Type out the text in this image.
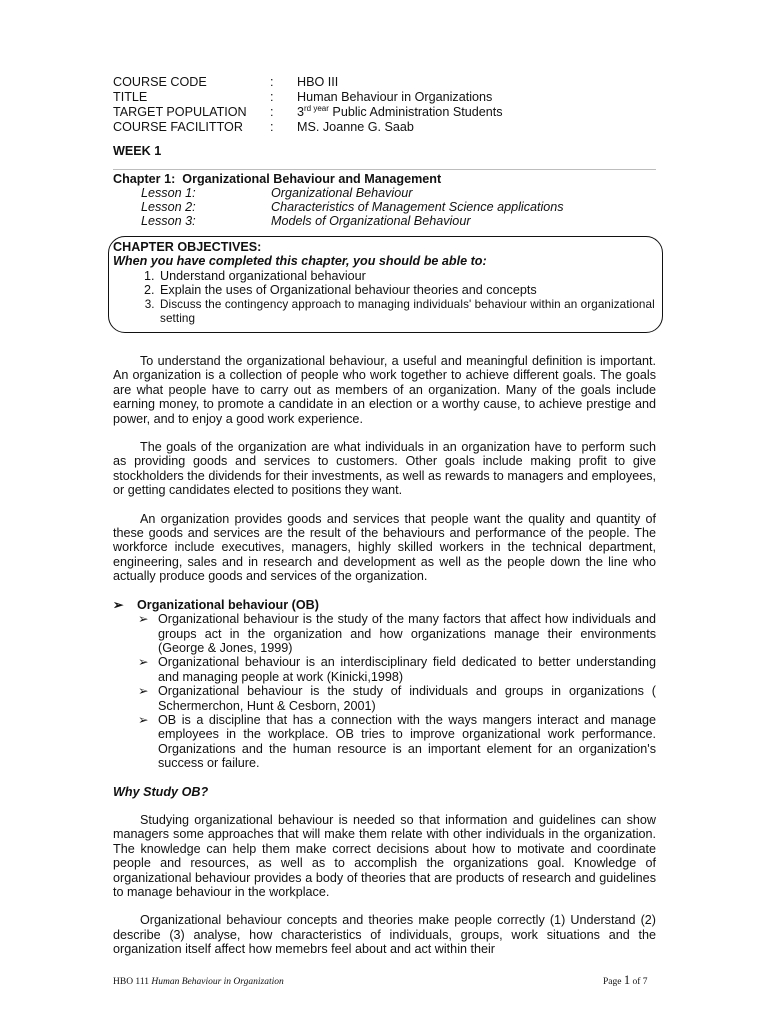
COURSE CODE	:	HBO III
TITLE	:	Human Behaviour in Organizations
TARGET POPULATION	:	$3^{rd year}$ Public Administration Students
COURSE FACILITTOR	:	MS. Joanne G. Saab
WEEK 1
Chapter 1:  Organizational Behaviour and Management
Lesson 1:	Organizational Behaviour
Lesson 2:	Characteristics of Management Science applications
Lesson 3:	Models of Organizational Behaviour
CHAPTER OBJECTIVES:
When you have completed this chapter, you should be able to:
1. Understand organizational behaviour
2. Explain the uses of Organizational behaviour theories and concepts
3. Discuss the contingency approach to managing individuals' behaviour within an organizational setting

To understand the organizational behaviour, a useful and meaningful definition is important. An organization is a collection of people who work together to achieve different goals. The goals are what people have to carry out as members of an organization. Many of the goals include earning money, to promote a candidate in an election or a worthy cause, to achieve prestige and power, and to enjoy a good work experience.

The goals of the organization are what individuals in an organization have to perform such as providing goods and services to customers. Other goals include making profit to give stockholders the dividends for their investments, as well as rewards to managers and employees, or getting candidates elected to positions they want.

An organization provides goods and services that people want the quality and quantity of these goods and services are the result of the behaviours and performance of the people. The workforce include executives, managers, highly skilled workers in the technical department, engineering, sales and in research and development as well as the people down the line who actually produce goods and services of the organization.

➢ Organizational behaviour (OB)
➢ Organizational behaviour is the study of the many factors that affect how individuals and groups act in the organization and how organizations manage their environments (George & Jones, 1999)
➢ Organizational behaviour is an interdisciplinary field dedicated to better understanding and managing people at work (Kinicki,1998)
➢ Organizational behaviour is the study of individuals and groups in organizations ( Schermerchon, Hunt & Cesborn, 2001)
➢ OB is a discipline that has a connection with the ways mangers interact and manage employees in the workplace. OB tries to improve organizational work performance. Organizations and the human resource is an important element for an organization's success or failure.
Why Study OB?

Studying organizational behaviour is needed so that information and guidelines can show managers some approaches that will make them relate with other individuals in the organization. The knowledge can help them make correct decisions about how to motivate and coordinate people and resources, as well as to accomplish the organizations goal. Knowledge of organizational behaviour provides a body of theories that are products of research and guidelines to manage behaviour in the workplace.

Organizational behaviour concepts and theories make people correctly (1) Understand (2) describe (3) analyse, how characteristics of individuals, groups, work situations and the organization itself affect how memebrs feel about and act within their

HBO 111 Human Behaviour in Organization	Page 1 of 7
